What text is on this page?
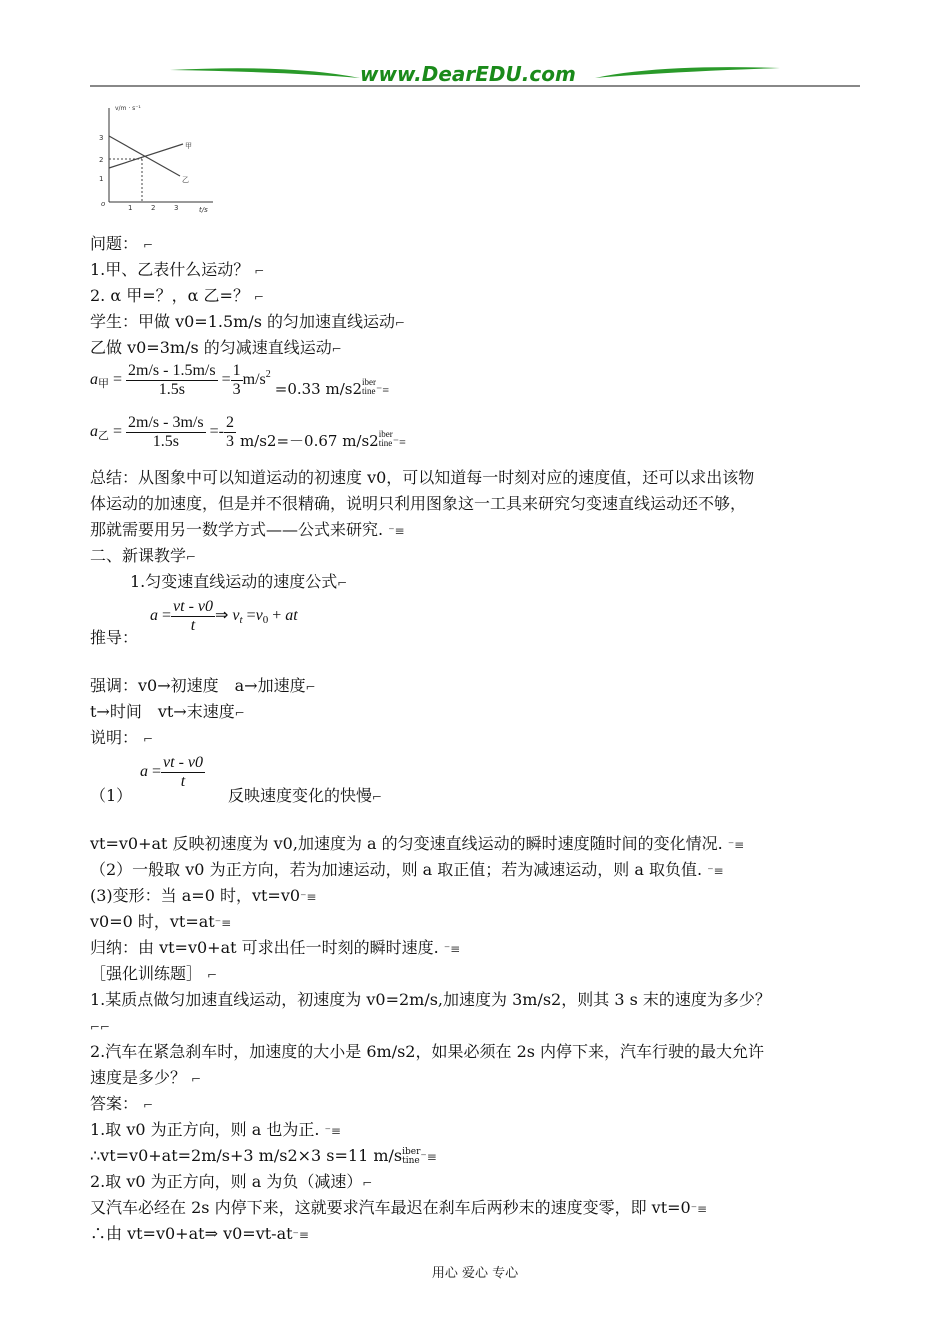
www.DearEDU.com
v/m · s⁻¹
3
2
1
o	1	2	3	t/s
甲
乙
问题： ⌐
1.甲、乙表什么运动？ ⌐
2. α 甲=？，α 乙=？ ⌐
学生：甲做 v0=1.5m/s 的匀加速直线运动⌐
乙做 v0=3m/s 的匀减速直线运动⌐
$a_甲 = \frac{2m/s - 1.5m/s}{1.5s} = \frac{1}{3} m/s^2 =0.33$ m/s2iber
tine$_{^-\equiv}$
$a_乙 = \frac{2m/s - 3m/s}{1.5s} =- \frac{2}{3} m/s2=-0.67$ m/s2iber
tine$_{^-\equiv}$
总结：从图象中可以知道运动的初速度 v0，可以知道每一时刻对应的速度值，还可以求出该物
体运动的加速度，但是并不很精确，说明只利用图象这一工具来研究匀变速直线运动还不够，
那就需要用另一数学方式——公式来研究. ⁻≡
二、新课教学⌐
1.匀变速直线运动的速度公式⌐
$a = \frac{vt - v0}{t}$ ⇒ $v_t =v_0$ + at
推导：
强调：v0→初速度　a→加速度⌐
t→时间　vt→末速度⌐
说明： ⌐
$a = \frac{vt - v0}{t}$
（1）	反映速度变化的快慢⌐
vt=v0+at 反映初速度为 v0,加速度为 a 的匀变速直线运动的瞬时速度随时间的变化情况. ⁻≡
（2）一般取 v0 为正方向，若为加速运动，则 a 取正值；若为减速运动，则 a 取负值. ⁻≡
(3)变形：当 a=0 时，vt=v0⁻≡
v0=0 时，vt=at⁻≡
归纳：由 vt=v0+at 可求出任一时刻的瞬时速度. ⁻≡
［强化训练题］ ⌐
1.某质点做匀加速直线运动，初速度为 v0=2m/s,加速度为 3m/s2，则其 3 s 末的速度为多少？
⌐⌐
2.汽车在紧急刹车时，加速度的大小是 6m/s2，如果必须在 2s 内停下来，汽车行驶的最大允许
速度是多少？ ⌐
答案： ⌐
1.取 v0 为正方向，则 a 也为正. ⁻≡
∴vt=v0+at=2m/s+3 m/s2×3 s=11 m/siber
tine⁻≡
2.取 v0 为正方向，则 a 为负（减速）⌐
又汽车必经在 2s 内停下来，这就要求汽车最迟在刹车后两秒末的速度变零，即 vt=0⁻≡
∴由 vt=v0+at⇒ v0=vt-at⁻≡
用心 爱心 专心
